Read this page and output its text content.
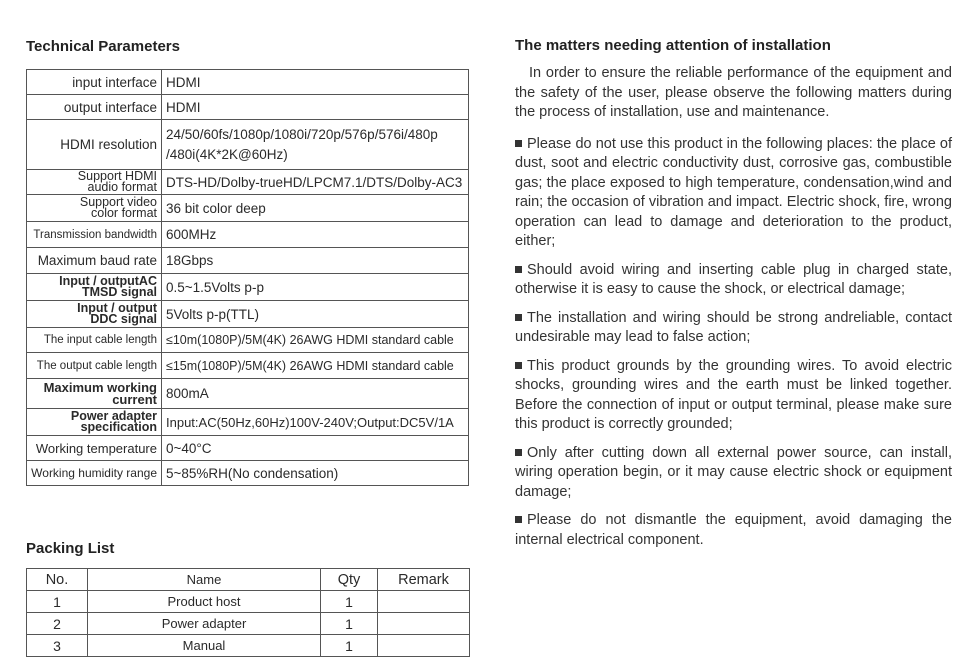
Technical Parameters
input interface	HDMI
output interface	HDMI
HDMI resolution	24/50/60fs/1080p/1080i/720p/576p/576i/480p
/480i(4K*2K@60Hz)

Support HDMI
audio format	DTS-HD/Dolby-trueHD/LPCM7.1/DTS/Dolby-AC3

Support video
color format	36 bit color deep
Transmission bandwidth	600MHz
Maximum baud rate	18Gbps

Input / outputAC
TMSD signal	0.5~1.5Volts p-p

Input / output
DDC signal	5Volts p-p(TTL)
The input cable length	≤10m(1080P)/5M(4K) 26AWG HDMI standard cable
The output cable length	≤15m(1080P)/5M(4K) 26AWG HDMI standard cable

Maximum working
current	800mA

Power adapter
specification	Input:AC(50Hz,60Hz)100V-240V;Output:DC5V/1A
Working temperature	0~40°C
Working humidity range	5~85%RH(No condensation)
Packing List
No.	Name	Qty	Remark
1	Product host	1	
2	Power adapter	1	
3	Manual	1	
The matters needing attention of installation

In order to ensure the reliable performance of the equipment and the safety of the user, please observe the following matters during the process of installation, use and maintenance.

Please do not use this product in the following places: the place of dust, soot and electric conductivity dust, corrosive gas, combustible gas; the place exposed to high temperature, condensation,wind and rain; the occasion of vibration and impact. Electric shock, fire, wrong operation can lead to damage and deterioration to the product, either;

Should avoid wiring and inserting cable plug in charged state, otherwise it is easy to cause the shock, or electrical damage;

The installation and wiring should be strong andreliable, contact undesirable may lead to false action;

This product grounds by the grounding wires. To avoid electric shocks, grounding wires and the earth must be linked together. Before the connection of input or output terminal, please make sure this product is correctly grounded;

Only after cutting down all external power source, can install, wiring operation begin, or it may cause electric shock or equipment damage;

Please do not dismantle the equipment, avoid damaging the internal electrical component.
